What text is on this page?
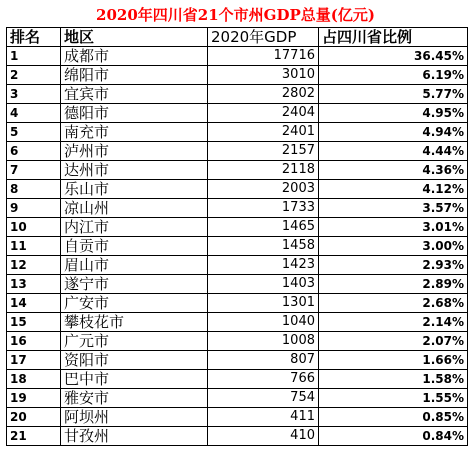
2020年四川省21个市州GDP总量(亿元)
排名	地区	2020年GDP	占四川省比例
1	成都市	17716	36.45%
2	绵阳市	3010	6.19%
3	宜宾市	2802	5.77%
4	德阳市	2404	4.95%
5	南充市	2401	4.94%
6	泸州市	2157	4.44%
7	达州市	2118	4.36%
8	乐山市	2003	4.12%
9	凉山州	1733	3.57%
10	内江市	1465	3.01%
11	自贡市	1458	3.00%
12	眉山市	1423	2.93%
13	遂宁市	1403	2.89%
14	广安市	1301	2.68%
15	攀枝花市	1040	2.14%
16	广元市	1008	2.07%
17	资阳市	807	1.66%
18	巴中市	766	1.58%
19	雅安市	754	1.55%
20	阿坝州	411	0.85%
21	甘孜州	410	0.84%
